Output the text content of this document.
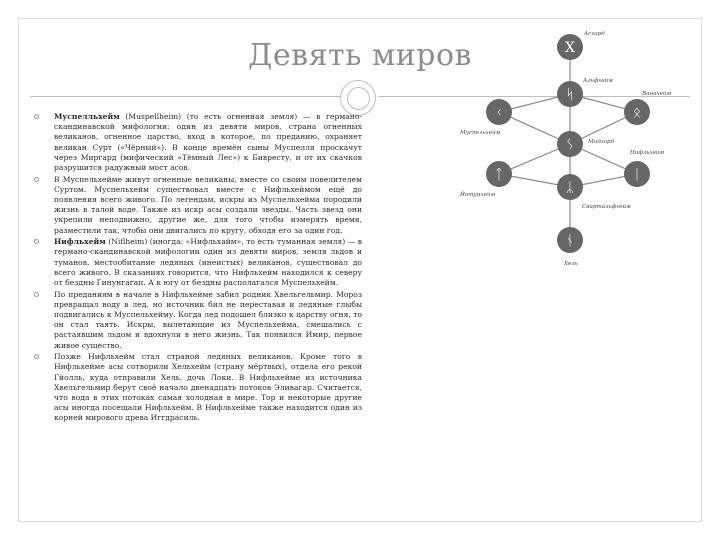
Девять миров
Муспелльхейм (Muspellheim) (то есть огненная земля) — в германо-скандинавской мифологии: один из девяти миров, страна огненных великанов, огненное царство, вход в которое, по преданию, охраняет великан Сурт («Чёрный»). В конце времён сыны Муспелля проскачут через Миргард (мифический «Тёмный Лес») к Бивресту, и от их скачков разрушится радужный мост асов.
В Муспельхейме живут огненные великаны, вместе со своим повелителем Суртом. Муспельхейм существовал вместе с Нифльхеймом ещё до появления всего живого. По легендам, искры из Муспельхейма породили жизнь в талой воде. Также из искр асы создали звезды. Часть звезд они укрепили неподвижно, другие же, для того чтобы измерять время, разместили так, чтобы они двигались по кругу, обходя его за один год.
Нифльхейм (Niflheim) (иногда: «Нифльхайм», то есть туманная земля) — в германо-скандинавской мифологии один из девяти миров, земля льдов и туманов, местообитание ледяных (инеистых) великанов, существовал до всего живого. В сказаниях говорится, что Нифльхейм находился к северу от бездны Гинунгагап. А к югу от бездны располагался Муспельхейм.
По преданиям в начале в Нифльхейме забил родник Хвельгельмир. Мороз превращал воду в лед, но источник бил не переставая и ледяные глыбы подвигались к Муспельхейму. Когда лед подошел близко к царству огня, то он стал таять. Искры, вылетающие из Муспельхейма, смешались с растаявшим льдом и вдохнули в него жизнь. Так появился Имир, первое живое существо.
Позже Нифльхейм стал страной ледяных великанов. Кроме того в Нифльхейме асы сотворили Хельхейм (страну мёртвых), отдела его рекой Гйолль, куда отправили Хель, дочь Локи. В Нифльхейме из источника Хвельгельмир берут своё начало двенадцать потоков Эливагар. Считается, что вода в этих потоках самая холодная в мире. Тор и некоторые другие асы иногда посещали Нифльхейм. В Нифльхейме также находится один из корней мирового древа Иггдрасиль.
X
Асгард
ᛋ
Альфхейм
ᛟ
Ванахейм
ᚲ
Муспельхейм
ᛊ Мидгард
ᛁ
Нифльхейм
ᛏ
Йотунхейм	ᛦ
Свартальфхейм
ᚾ
Хель
